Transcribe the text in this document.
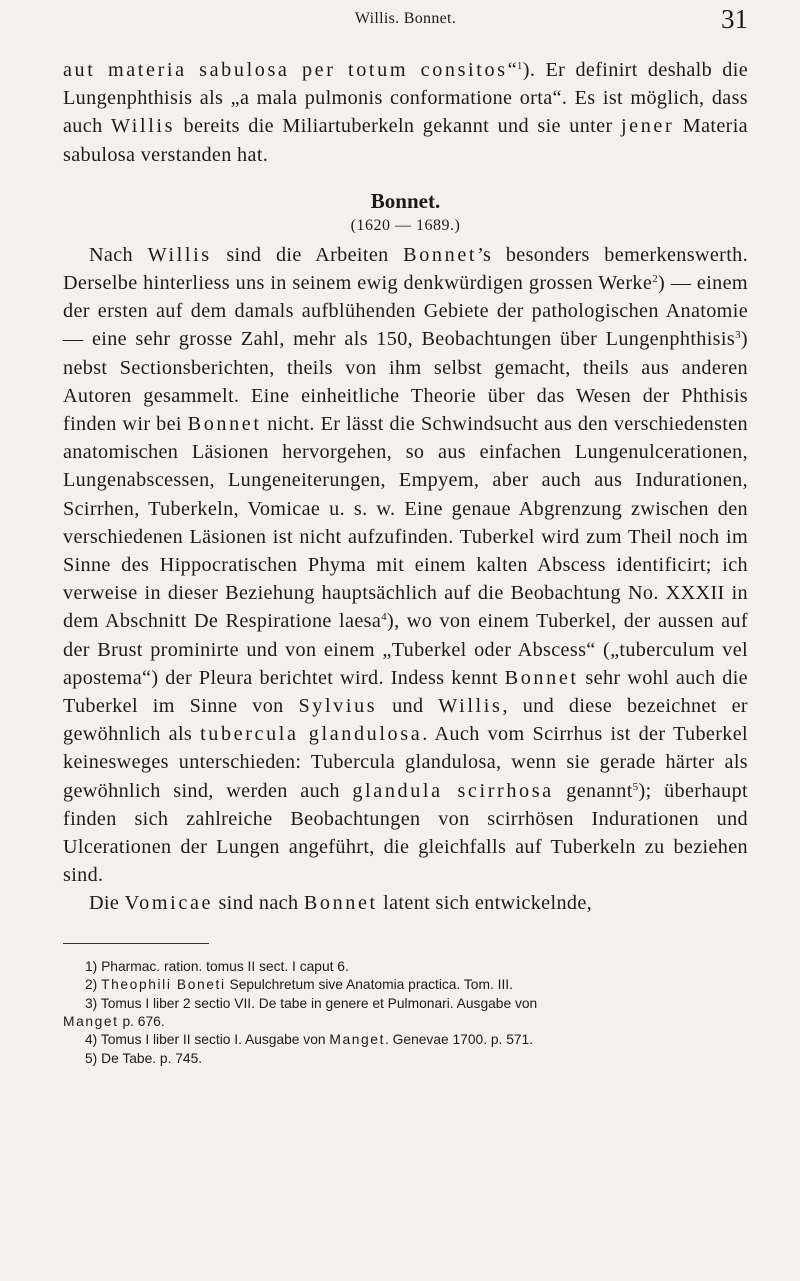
Willis. Bonnet.	31

aut materia sabulosa per totum consitos“$^1$). Er definirt deshalb die Lungenphthisis als „a mala pulmonis conformatione orta“. Es ist möglich, dass auch Willis bereits die Miliartuberkeln gekannt und sie unter jener Materia sabulosa verstanden hat.

Bonnet.
(1620 — 1689.)

Nach Willis sind die Arbeiten Bonnet’s besonders bemerkenswerth. Derselbe hinterliess uns in seinem ewig denkwürdigen grossen Werke$^2$) — einem der ersten auf dem damals aufblühenden Gebiete der pathologischen Anatomie — eine sehr grosse Zahl, mehr als 150, Beobachtungen über Lungenphthisis$^3$) nebst Sectionsberichten, theils von ihm selbst gemacht, theils aus anderen Autoren gesammelt. Eine einheitliche Theorie über das Wesen der Phthisis finden wir bei Bonnet nicht. Er lässt die Schwindsucht aus den verschiedensten anatomischen Läsionen hervorgehen, so aus einfachen Lungenulcerationen, Lungenabscessen, Lungeneiterungen, Empyem, aber auch aus Indurationen, Scirrhen, Tuberkeln, Vomicae u. s. w. Eine genaue Abgrenzung zwischen den verschiedenen Läsionen ist nicht aufzufinden. Tuberkel wird zum Theil noch im Sinne des Hippocratischen Phyma mit einem kalten Abscess identificirt; ich verweise in dieser Beziehung hauptsächlich auf die Beobachtung No. XXXII in dem Abschnitt De Respiratione laesa$^4$), wo von einem Tuberkel, der aussen auf der Brust prominirte und von einem „Tuberkel oder Abscess“ („tuberculum vel apostema“) der Pleura berichtet wird. Indess kennt Bonnet sehr wohl auch die Tuberkel im Sinne von Sylvius und Willis, und diese bezeichnet er gewöhnlich als tubercula glandulosa. Auch vom Scirrhus ist der Tuberkel keinesweges unterschieden: Tubercula glandulosa, wenn sie gerade härter als gewöhnlich sind, werden auch glandula scirrhosa genannt$^5$); überhaupt finden sich zahlreiche Beobachtungen von scirrhösen Indurationen und Ulcerationen der Lungen angeführt, die gleichfalls auf Tuberkeln zu beziehen sind.

Die Vomicae sind nach Bonnet latent sich entwickelnde,

1) Pharmac. ration. tomus II sect. I caput 6.
2) Theophili Boneti Sepulchretum sive Anatomia practica. Tom. III.
3) Tomus I liber 2 sectio VII. De tabe in genere et Pulmonari. Ausgabe von
Manget p. 676.
4) Tomus I liber II sectio I. Ausgabe von Manget. Genevae 1700. p. 571.
5) De Tabe. p. 745.
